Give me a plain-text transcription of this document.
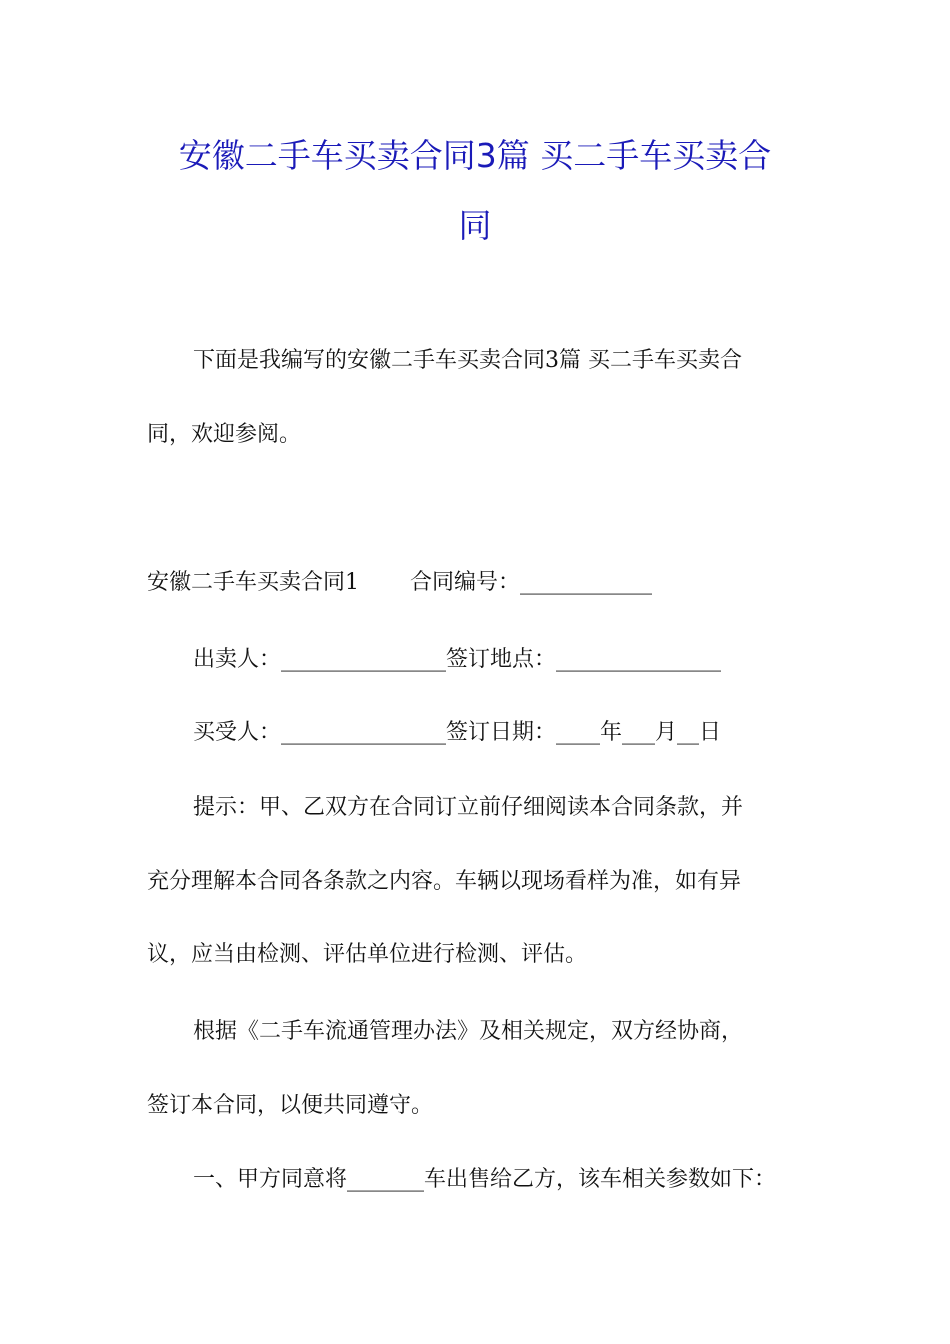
安徽二手车买卖合同3篇 买二手车买卖合
同
下面是我编写的安徽二手车买卖合同3篇 买二手车买卖合
同，欢迎参阅。
安徽二手车买卖合同1　　 合同编号：____________
出卖人：_______________签订地点：_______________
买受人：_______________签订日期：____年___月__日
提示：甲、乙双方在合同订立前仔细阅读本合同条款，并
充分理解本合同各条款之内容。车辆以现场看样为准，如有异
议，应当由检测、评估单位进行检测、评估。
根据《二手车流通管理办法》及相关规定，双方经协商，
签订本合同，以便共同遵守。
一、甲方同意将_______车出售给乙方，该车相关参数如下：
